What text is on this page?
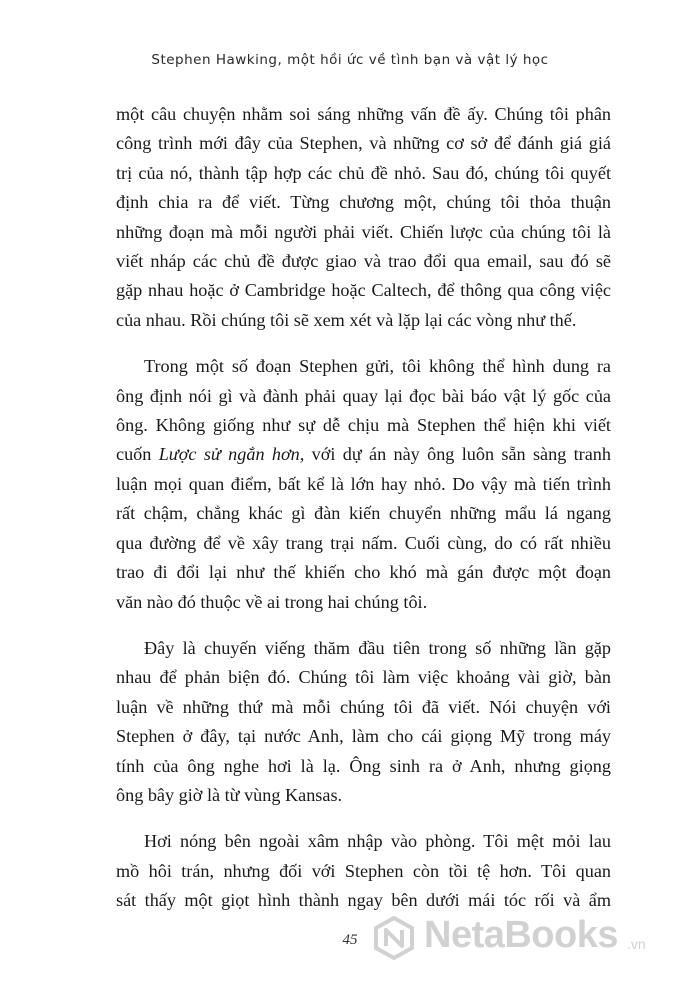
Stephen Hawking, một hồi ức về tình bạn và vật lý học

một câu chuyện nhằm soi sáng những vấn đề ấy. Chúng tôi phân
công trình mới đây của Stephen, và những cơ sở để đánh giá giá
trị của nó, thành tập hợp các chủ đề nhỏ. Sau đó, chúng tôi quyết
định chia ra để viết. Từng chương một, chúng tôi thỏa thuận
những đoạn mà mỗi người phải viết. Chiến lược của chúng tôi là
viết nháp các chủ đề được giao và trao đổi qua email, sau đó sẽ
gặp nhau hoặc ở Cambridge hoặc Caltech, để thông qua công việc
của nhau. Rồi chúng tôi sẽ xem xét và lặp lại các vòng như thế.

Trong một số đoạn Stephen gửi, tôi không thể hình dung ra
ông định nói gì và đành phải quay lại đọc bài báo vật lý gốc của
ông. Không giống như sự dễ chịu mà Stephen thể hiện khi viết
cuốn Lược sử ngắn hơn, với dự án này ông luôn sẵn sàng tranh
luận mọi quan điểm, bất kể là lớn hay nhỏ. Do vậy mà tiến trình
rất chậm, chẳng khác gì đàn kiến chuyển những mẩu lá ngang
qua đường để về xây trang trại nấm. Cuối cùng, do có rất nhiều
trao đi đổi lại như thế khiến cho khó mà gán được một đoạn
văn nào đó thuộc về ai trong hai chúng tôi.

Đây là chuyến viếng thăm đầu tiên trong số những lần gặp
nhau để phản biện đó. Chúng tôi làm việc khoảng vài giờ, bàn
luận về những thứ mà mỗi chúng tôi đã viết. Nói chuyện với
Stephen ở đây, tại nước Anh, làm cho cái giọng Mỹ trong máy
tính của ông nghe hơi là lạ. Ông sinh ra ở Anh, nhưng giọng
ông bây giờ là từ vùng Kansas.

Hơi nóng bên ngoài xâm nhập vào phòng. Tôi mệt mỏi lau
mồ hôi trán, nhưng đối với Stephen còn tồi tệ hơn. Tôi quan
sát thấy một giọt hình thành ngay bên dưới mái tóc rối và ẩm

45	NetaBooks .vn
